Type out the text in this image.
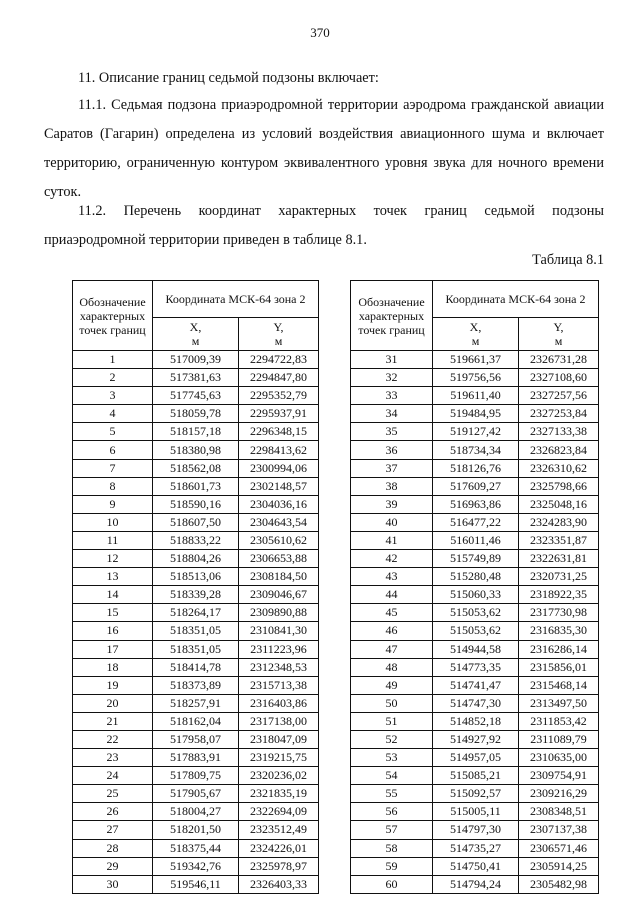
370
11. Описание границ седьмой подзоны включает:
11.1. Седьмая подзона приаэродромной территории аэродрома гражданской авиации Саратов (Гагарин) определена из условий воздействия авиационного шума и включает территорию, ограниченную контуром эквивалентного уровня звука для ночного времени суток.
11.2. Перечень координат характерных точек границ седьмой подзоны приаэродромной территории приведен в таблице 8.1.
Таблица 8.1
Обозначение характерных точек границ	Координата МСК-64 зона 2	

	X,
м	Y,
м

1	517009,39	2294722,83
2	517381,63	2294847,80
3	517745,63	2295352,79
4	518059,78	2295937,91
5	518157,18	2296348,15
6	518380,98	2298413,62
7	518562,08	2300994,06
8	518601,73	2302148,57
9	518590,16	2304036,16
10	518607,50	2304643,54
11	518833,22	2305610,62
12	518804,26	2306653,88
13	518513,06	2308184,50
14	518339,28	2309046,67
15	518264,17	2309890,88
16	518351,05	2310841,30
17	518351,05	2311223,96
18	518414,78	2312348,53
19	518373,89	2315713,38
20	518257,91	2316403,86
21	518162,04	2317138,00
22	517958,07	2318047,09
23	517883,91	2319215,75
24	517809,75	2320236,02
25	517905,67	2321835,19
26	518004,27	2322694,09
27	518201,50	2323512,49
28	518375,44	2324226,01
29	519342,76	2325978,97
30	519546,11	2326403,33
Обозначение характерных точек границ	Координата МСК-64 зона 2	

	X,
м	Y,
м

31	519661,37	2326731,28
32	519756,56	2327108,60
33	519611,40	2327257,56
34	519484,95	2327253,84
35	519127,42	2327133,38
36	518734,34	2326823,84
37	518126,76	2326310,62
38	517609,27	2325798,66
39	516963,86	2325048,16
40	516477,22	2324283,90
41	516011,46	2323351,87
42	515749,89	2322631,81
43	515280,48	2320731,25
44	515060,33	2318922,35
45	515053,62	2317730,98
46	515053,62	2316835,30
47	514944,58	2316286,14
48	514773,35	2315856,01
49	514741,47	2315468,14
50	514747,30	2313497,50
51	514852,18	2311853,42
52	514927,92	2311089,79
53	514957,05	2310635,00
54	515085,21	2309754,91
55	515092,57	2309216,29
56	515005,11	2308348,51
57	514797,30	2307137,38
58	514735,27	2306571,46
59	514750,41	2305914,25
60	514794,24	2305482,98
